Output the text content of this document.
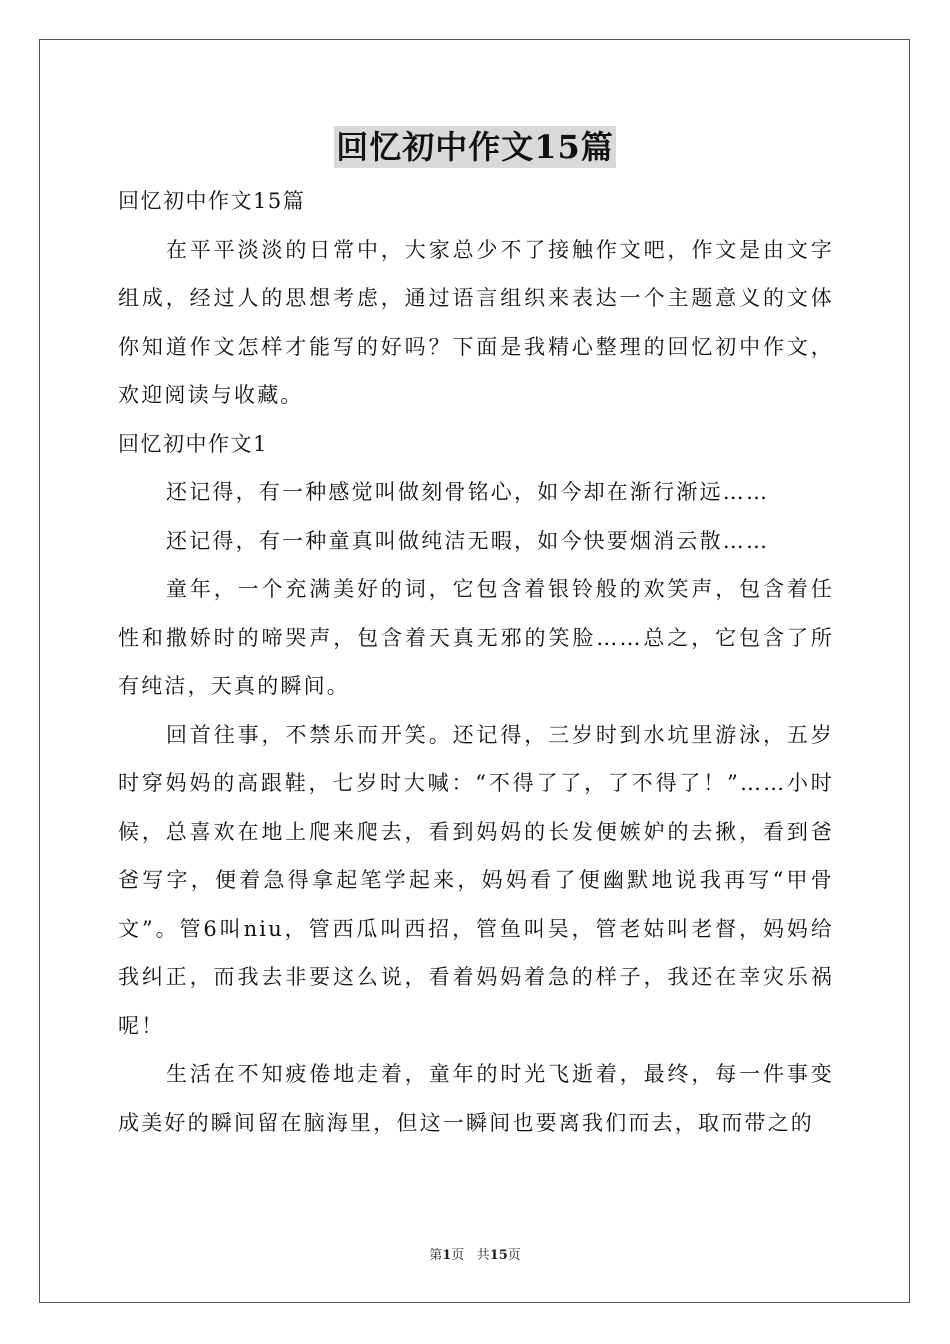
回忆初中作文15篇

回忆初中作文15篇

在平平淡淡的日常中，大家总少不了接触作文吧，作文是由文字组成，经过人的思想考虑，通过语言组织来表达一个主题意义的文体你知道作文怎样才能写的好吗？下面是我精心整理的回忆初中作文，欢迎阅读与收藏。

回忆初中作文1

还记得，有一种感觉叫做刻骨铭心，如今却在渐行渐远……

还记得，有一种童真叫做纯洁无暇，如今快要烟消云散……

童年，一个充满美好的词，它包含着银铃般的欢笑声，包含着任性和撒娇时的啼哭声，包含着天真无邪的笑脸……总之，它包含了所有纯洁，天真的瞬间。

回首往事，不禁乐而开笑。还记得，三岁时到水坑里游泳，五岁时穿妈妈的高跟鞋，七岁时大喊：“不得了了，了不得了！”……小时候，总喜欢在地上爬来爬去，看到妈妈的长发便嫉妒的去揪，看到爸爸写字，便着急得拿起笔学起来，妈妈看了便幽默地说我再写“甲骨文”。管6叫niu，管西瓜叫西招，管鱼叫吴，管老姑叫老督，妈妈给我纠正，而我去非要这么说，看着妈妈着急的样子，我还在幸灾乐祸呢！

生活在不知疲倦地走着，童年的时光飞逝着，最终，每一件事变成美好的瞬间留在脑海里，但这一瞬间也要离我们而去，取而带之的

第1页 共15页
